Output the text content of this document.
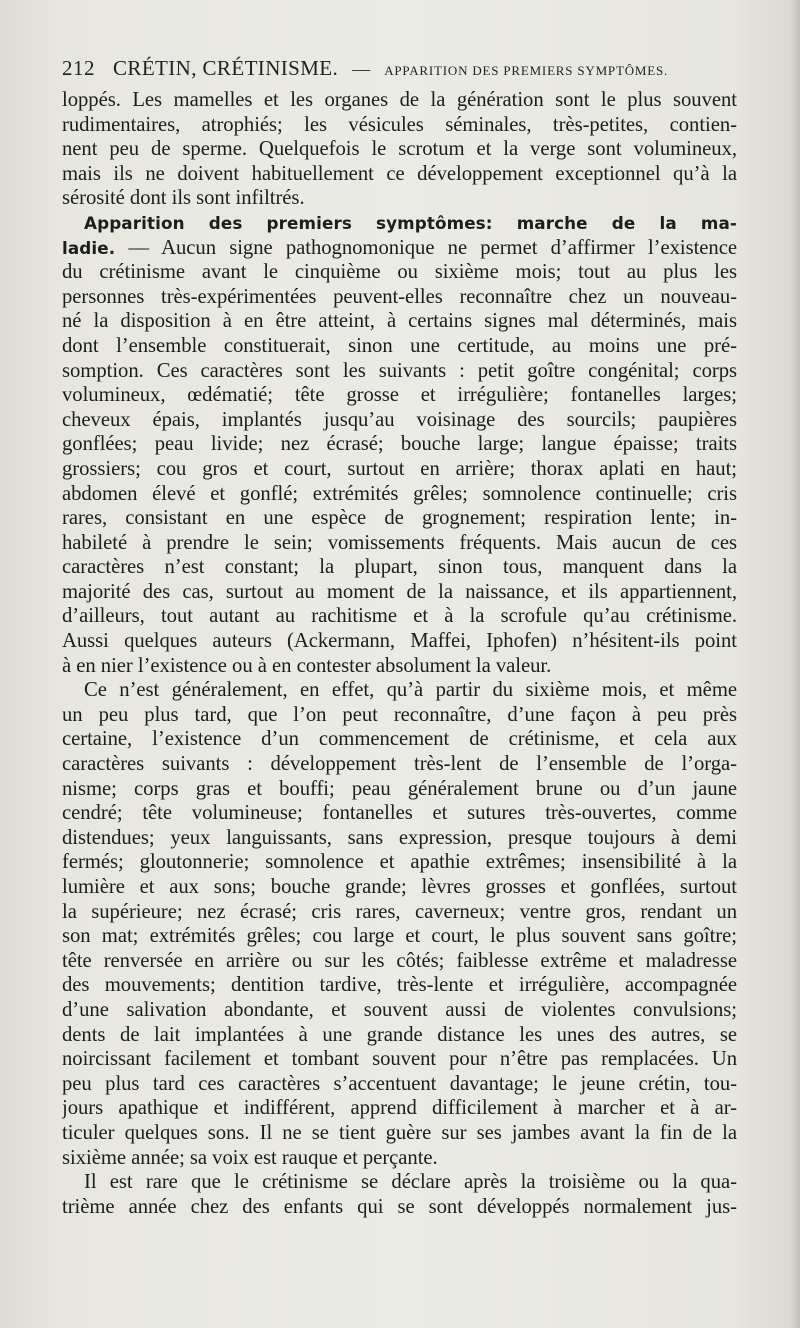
212 CRÉTIN, CRÉTINISME. — APPARITION DES PREMIERS SYMPTÔMES.
loppés. Les mamelles et les organes de la génération sont le plus souvent
rudimentaires, atrophiés; les vésicules séminales, très-petites, contien-
nent peu de sperme. Quelquefois le scrotum et la verge sont volumineux,
mais ils ne doivent habituellement ce développement exceptionnel qu’à la
sérosité dont ils sont infiltrés.
Apparition des premiers symptômes: marche de la ma-
ladie. — Aucun signe pathognomonique ne permet d’affirmer l’existence
du crétinisme avant le cinquième ou sixième mois; tout au plus les
personnes très-expérimentées peuvent-elles reconnaître chez un nouveau-
né la disposition à en être atteint, à certains signes mal déterminés, mais
dont l’ensemble constituerait, sinon une certitude, au moins une pré-
somption. Ces caractères sont les suivants : petit goître congénital; corps
volumineux, œdématié; tête grosse et irrégulière; fontanelles larges;
cheveux épais, implantés jusqu’au voisinage des sourcils; paupières
gonflées; peau livide; nez écrasé; bouche large; langue épaisse; traits
grossiers; cou gros et court, surtout en arrière; thorax aplati en haut;
abdomen élevé et gonflé; extrémités grêles; somnolence continuelle; cris
rares, consistant en une espèce de grognement; respiration lente; in-
habileté à prendre le sein; vomissements fréquents. Mais aucun de ces
caractères n’est constant; la plupart, sinon tous, manquent dans la
majorité des cas, surtout au moment de la naissance, et ils appartiennent,
d’ailleurs, tout autant au rachitisme et à la scrofule qu’au crétinisme.
Aussi quelques auteurs (Ackermann, Maffei, Iphofen) n’hésitent-ils point
à en nier l’existence ou à en contester absolument la valeur.
Ce n’est généralement, en effet, qu’à partir du sixième mois, et même
un peu plus tard, que l’on peut reconnaître, d’une façon à peu près
certaine, l’existence d’un commencement de crétinisme, et cela aux
caractères suivants : développement très-lent de l’ensemble de l’orga-
nisme; corps gras et bouffi; peau généralement brune ou d’un jaune
cendré; tête volumineuse; fontanelles et sutures très-ouvertes, comme
distendues; yeux languissants, sans expression, presque toujours à demi
fermés; gloutonnerie; somnolence et apathie extrêmes; insensibilité à la
lumière et aux sons; bouche grande; lèvres grosses et gonflées, surtout
la supérieure; nez écrasé; cris rares, caverneux; ventre gros, rendant un
son mat; extrémités grêles; cou large et court, le plus souvent sans goître;
tête renversée en arrière ou sur les côtés; faiblesse extrême et maladresse
des mouvements; dentition tardive, très-lente et irrégulière, accompagnée
d’une salivation abondante, et souvent aussi de violentes convulsions;
dents de lait implantées à une grande distance les unes des autres, se
noircissant facilement et tombant souvent pour n’être pas remplacées. Un
peu plus tard ces caractères s’accentuent davantage; le jeune crétin, tou-
jours apathique et indifférent, apprend difficilement à marcher et à ar-
ticuler quelques sons. Il ne se tient guère sur ses jambes avant la fin de la
sixième année; sa voix est rauque et perçante.
Il est rare que le crétinisme se déclare après la troisième ou la qua-
trième année chez des enfants qui se sont développés normalement jus-
